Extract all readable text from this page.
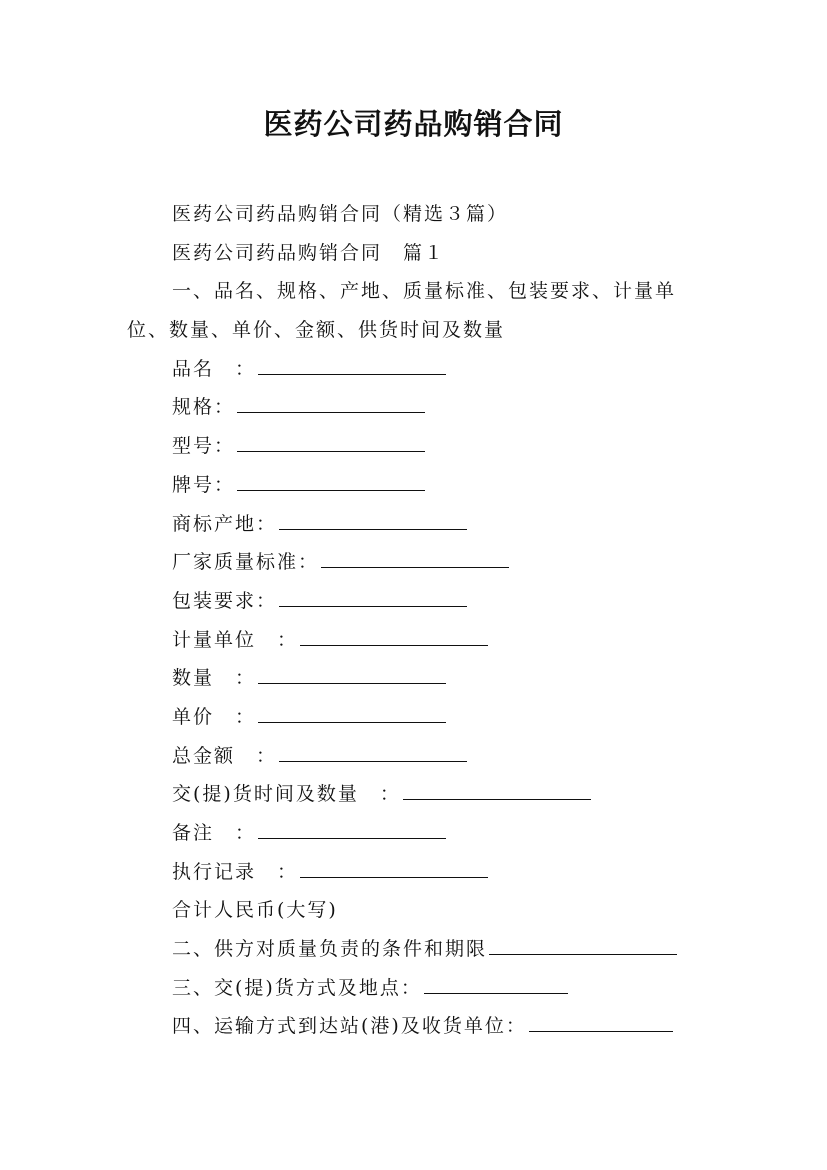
医药公司药品购销合同
医药公司药品购销合同（精选３篇）
医药公司药品购销合同　篇１
一、品名、规格、产地、质量标准、包装要求、计量单位、数量、单价、金额、供货时间及数量
品名　：
规格：
型号：
牌号：
商标产地：
厂家质量标准：
包装要求：
计量单位　：
数量　：
单价　：
总金额　：
交(提)货时间及数量　：
备注　：
执行记录　：
合计人民币(大写)
二、供方对质量负责的条件和期限
三、交(提)货方式及地点：
四、运输方式到达站(港)及收货单位：
